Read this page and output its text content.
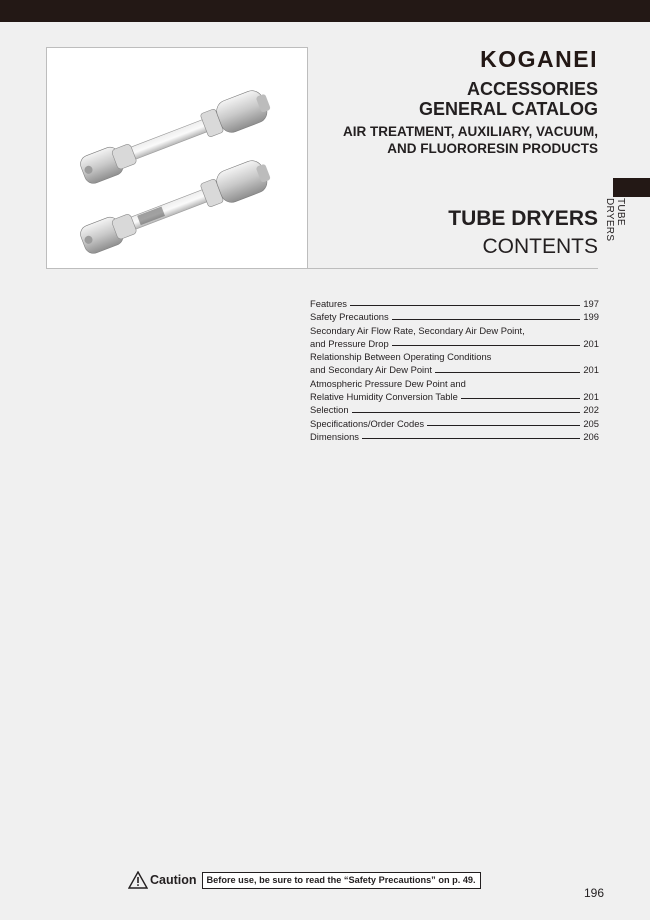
KOGANEI
ACCESSORIES
GENERAL CATALOG
AIR TREATMENT, AUXILIARY, VACUUM,
AND FLUORORESIN PRODUCTS
TUBE DRYERS
CONTENTS
TUBE DRYERS
Features	197
Safety Precautions	199
Secondary Air Flow Rate, Secondary Air Dew Point,
and Pressure Drop	201
Relationship Between Operating Conditions
and Secondary Air Dew Point	201
Atmospheric Pressure Dew Point and
Relative Humidity Conversion Table	201
Selection	202
Specifications/Order Codes	205
Dimensions	206
Caution	Before use, be sure to read the “Safety Precautions” on p. 49.
196
